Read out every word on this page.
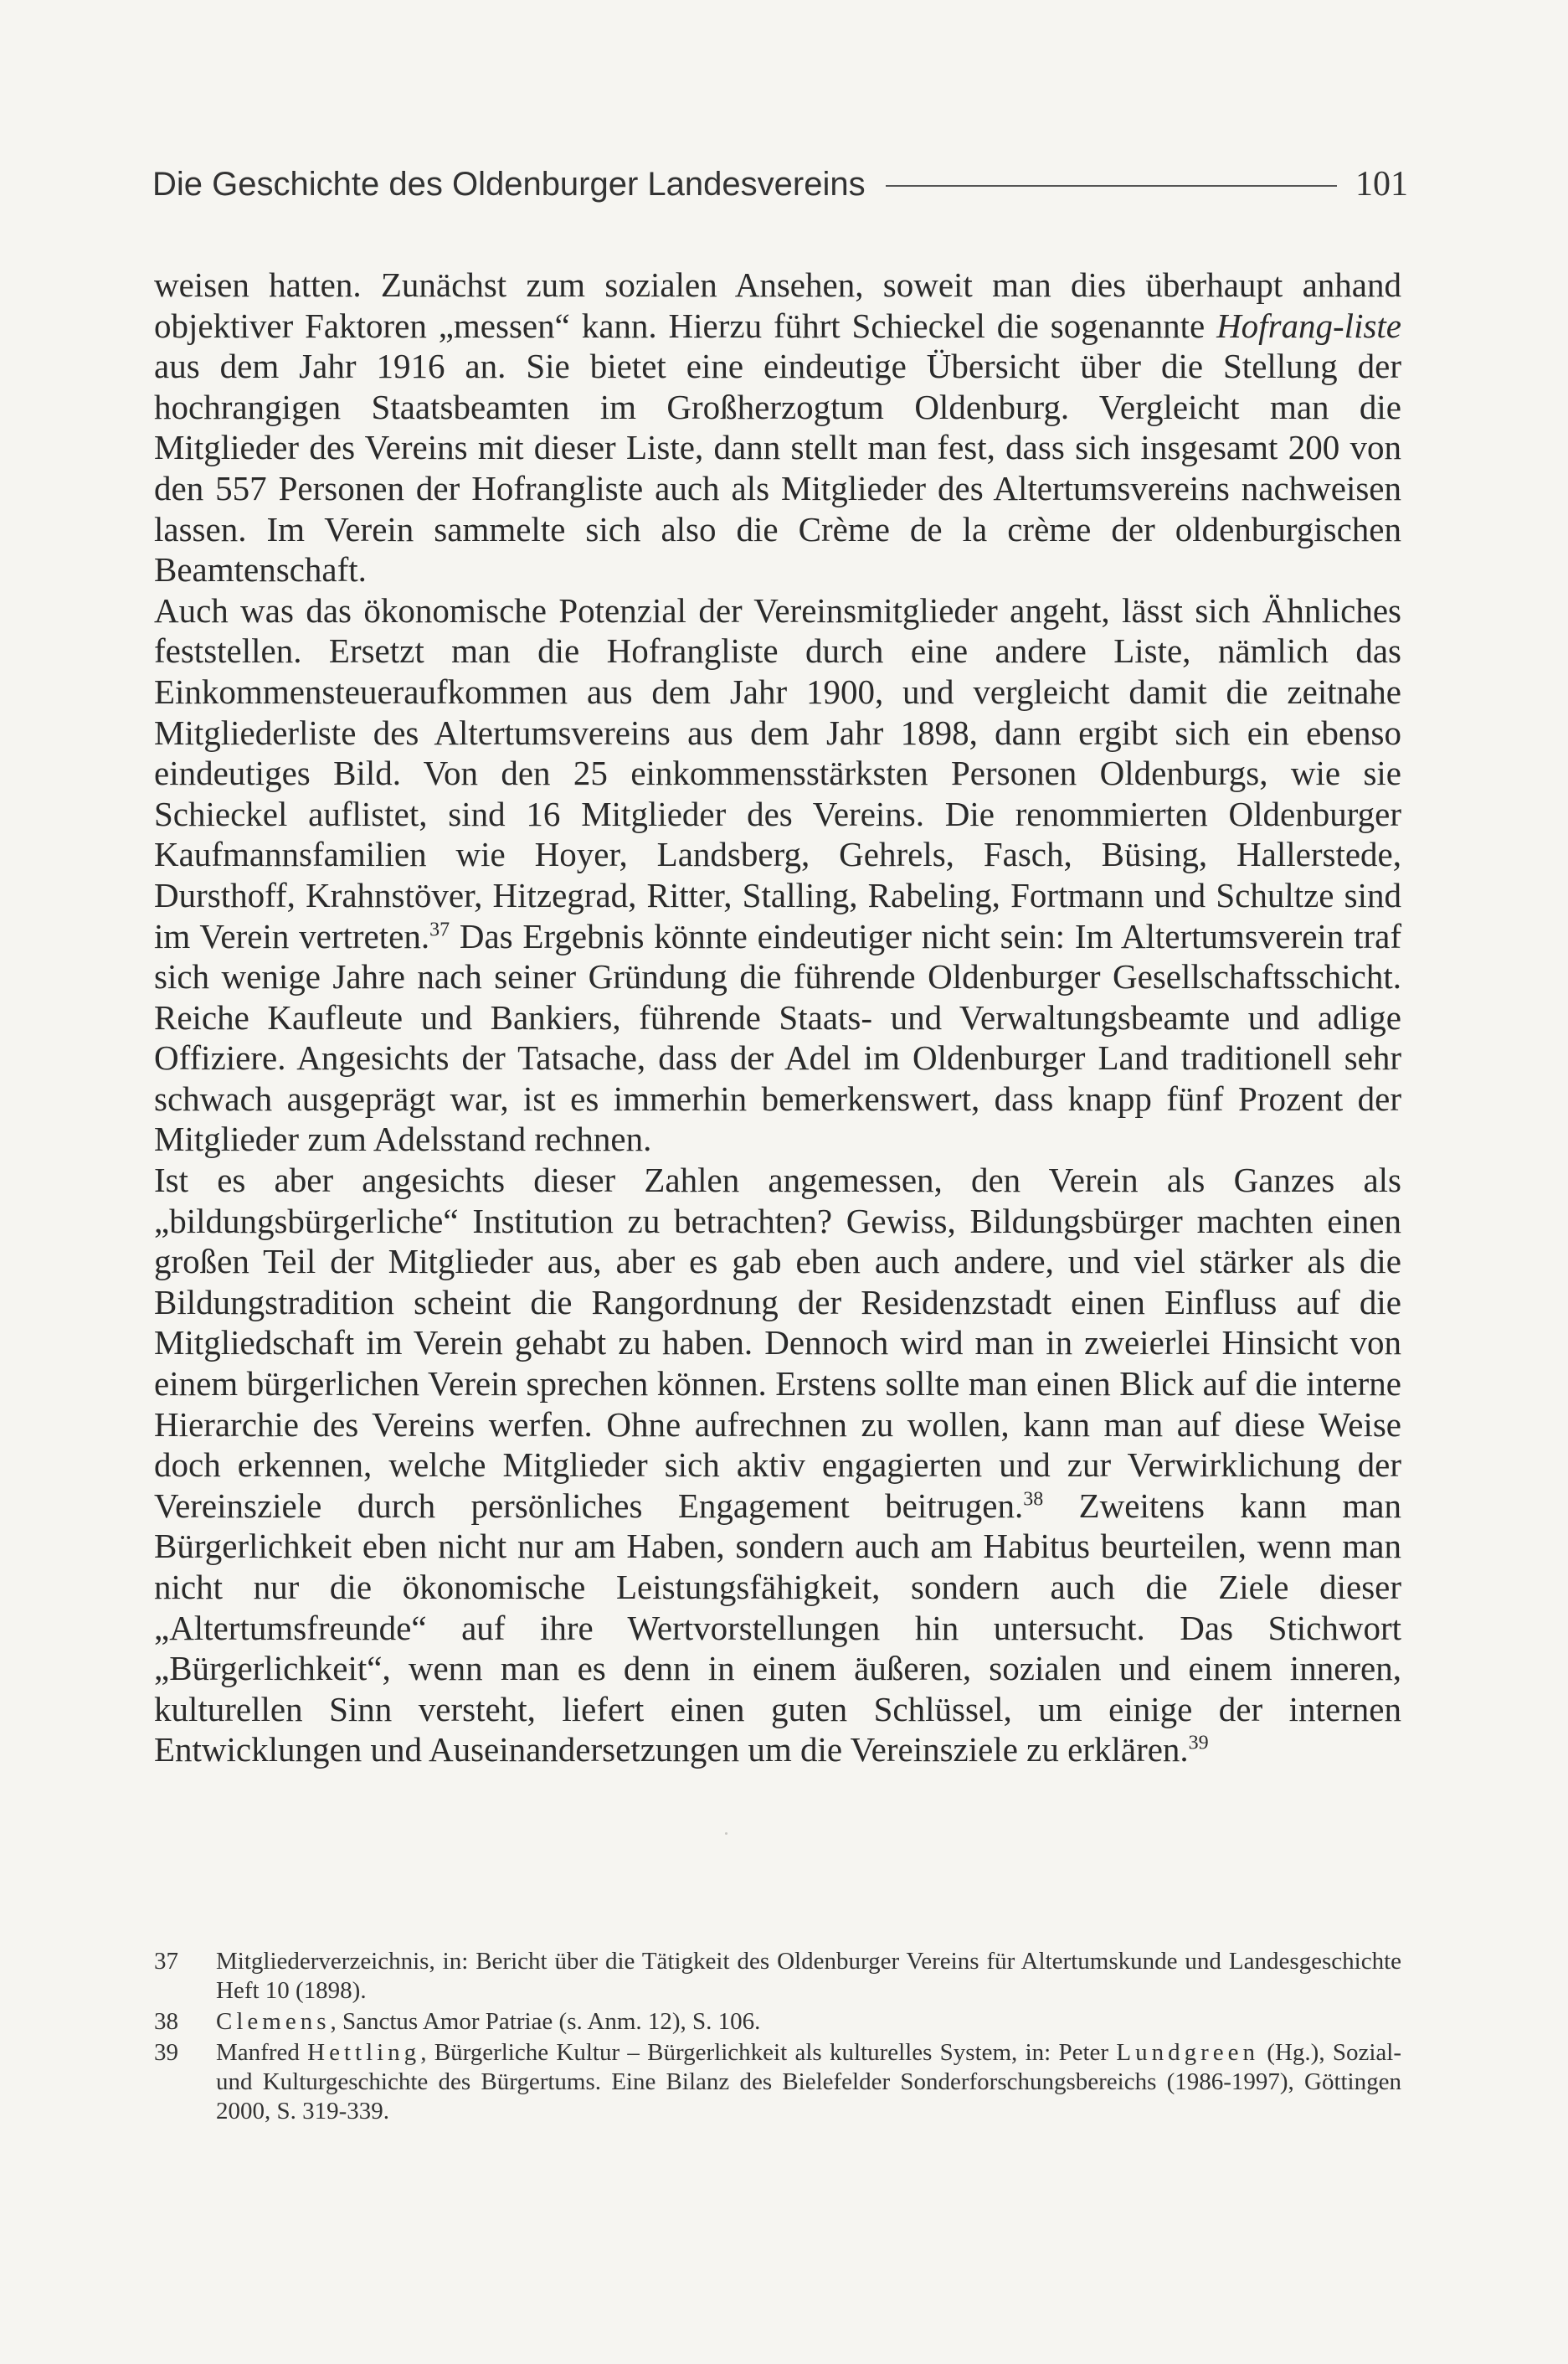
Die Geschichte des Oldenburger Landesvereins	101

weisen hatten. Zunächst zum sozialen Ansehen, soweit man dies überhaupt anhand objektiver Faktoren „messen“ kann. Hierzu führt Schieckel die sogenannte Hofrang-liste aus dem Jahr 1916 an. Sie bietet eine eindeutige Übersicht über die Stellung der hochrangigen Staatsbeamten im Großherzogtum Oldenburg. Vergleicht man die Mitglieder des Vereins mit dieser Liste, dann stellt man fest, dass sich insgesamt 200 von den 557 Personen der Hofrangliste auch als Mitglieder des Altertumsvereins nachweisen lassen. Im Verein sammelte sich also die Crème de la crème der oldenburgischen Beamtenschaft.

Auch was das ökonomische Potenzial der Vereinsmitglieder angeht, lässt sich Ähnliches feststellen. Ersetzt man die Hofrangliste durch eine andere Liste, nämlich das Einkommensteueraufkommen aus dem Jahr 1900, und vergleicht damit die zeitnahe Mitgliederliste des Altertumsvereins aus dem Jahr 1898, dann ergibt sich ein ebenso eindeutiges Bild. Von den 25 einkommensstärksten Personen Oldenburgs, wie sie Schieckel auflistet, sind 16 Mitglieder des Vereins. Die renommierten Oldenburger Kaufmannsfamilien wie Hoyer, Landsberg, Gehrels, Fasch, Büsing, Hallerstede, Dursthoff, Krahnstöver, Hitzegrad, Ritter, Stalling, Rabeling, Fortmann und Schultze sind im Verein vertreten.$^{37}$ Das Ergebnis könnte eindeutiger nicht sein: Im Altertumsverein traf sich wenige Jahre nach seiner Gründung die führende Oldenburger Gesellschaftsschicht. Reiche Kaufleute und Bankiers, führende Staats- und Verwaltungsbeamte und adlige Offiziere. Angesichts der Tatsache, dass der Adel im Oldenburger Land traditionell sehr schwach ausgeprägt war, ist es immerhin bemerkenswert, dass knapp fünf Prozent der Mitglieder zum Adelsstand rechnen.

Ist es aber angesichts dieser Zahlen angemessen, den Verein als Ganzes als „bildungsbürgerliche“ Institution zu betrachten? Gewiss, Bildungsbürger machten einen großen Teil der Mitglieder aus, aber es gab eben auch andere, und viel stärker als die Bildungstradition scheint die Rangordnung der Residenzstadt einen Einfluss auf die Mitgliedschaft im Verein gehabt zu haben. Dennoch wird man in zweierlei Hinsicht von einem bürgerlichen Verein sprechen können. Erstens sollte man einen Blick auf die interne Hierarchie des Vereins werfen. Ohne aufrechnen zu wollen, kann man auf diese Weise doch erkennen, welche Mitglieder sich aktiv engagierten und zur Verwirklichung der Vereinsziele durch persönliches Engagement beitrugen.$^{38}$ Zweitens kann man Bürgerlichkeit eben nicht nur am Haben, sondern auch am Habitus beurteilen, wenn man nicht nur die ökonomische Leistungsfähigkeit, sondern auch die Ziele dieser „Altertumsfreunde“ auf ihre Wertvorstellungen hin untersucht. Das Stichwort „Bürgerlichkeit“, wenn man es denn in einem äußeren, sozialen und einem inneren, kulturellen Sinn versteht, liefert einen guten Schlüssel, um einige der internen Entwicklungen und Auseinandersetzungen um die Vereinsziele zu erklären.$^{39}$

37	Mitgliederverzeichnis, in: Bericht über die Tätigkeit des Oldenburger Vereins für Altertumskunde und Landesgeschichte Heft 10 (1898).
38	Clemens, Sanctus Amor Patriae (s. Anm. 12), S. 106.
39	Manfred Hettling, Bürgerliche Kultur – Bürgerlichkeit als kulturelles System, in: Peter Lundgreen (Hg.), Sozial- und Kulturgeschichte des Bürgertums. Eine Bilanz des Bielefelder Sonderforschungsbereichs (1986-1997), Göttingen 2000, S. 319-339.
